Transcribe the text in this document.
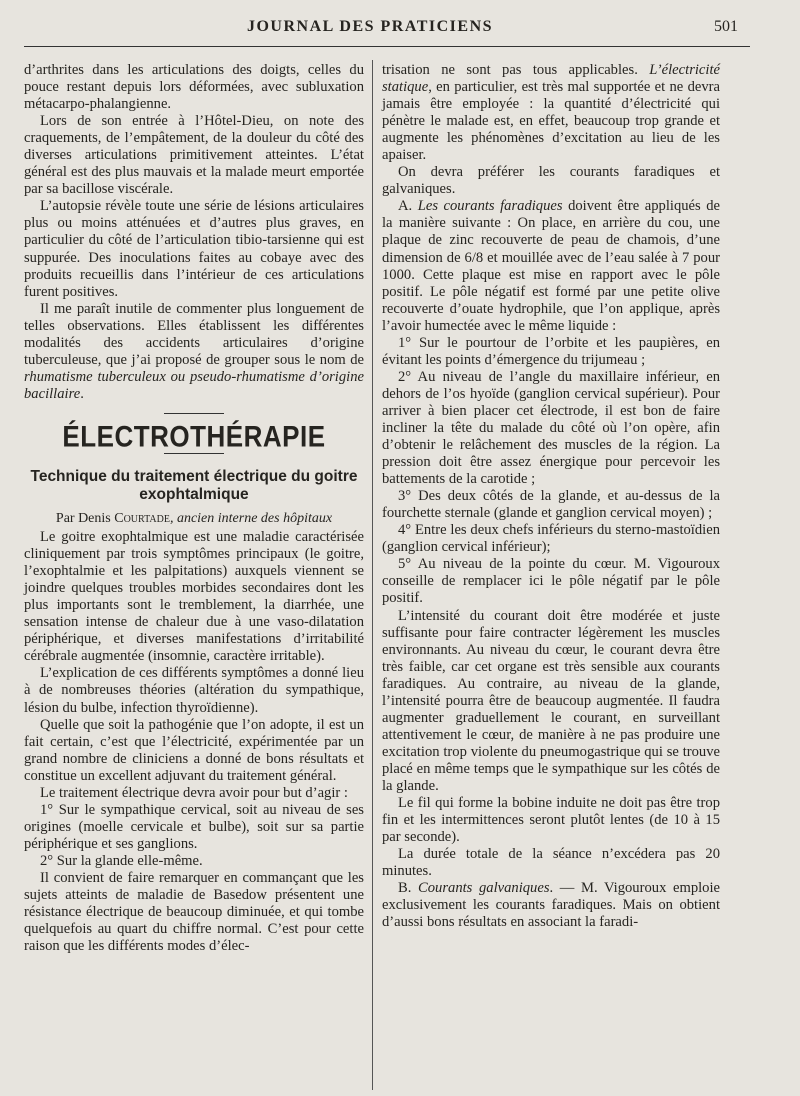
JOURNAL DES PRATICIENS	501

d’arthrites dans les articulations des doigts, celles du pouce restant depuis lors déformées, avec subluxation métacarpo-phalangienne.

Lors de son entrée à l’Hôtel-Dieu, on note des craquements, de l’empâtement, de la douleur du côté des diverses articulations primitivement atteintes. L’état général est des plus mauvais et la malade meurt emportée par sa bacillose viscérale.

L’autopsie révèle toute une série de lésions articulaires plus ou moins atténuées et d’autres plus graves, en particulier du côté de l’articulation tibio-tarsienne qui est suppurée. Des inoculations faites au cobaye avec des produits recueillis dans l’intérieur de ces articulations furent positives.

Il me paraît inutile de commenter plus longuement de telles observations. Elles établissent les différentes modalités des accidents articulaires d’origine tuberculeuse, que j’ai proposé de grouper sous le nom de rhumatisme tuberculeux ou pseudo-rhumatisme d’origine bacillaire.

ÉLECTROTHÉRAPIE
Technique du traitement électrique du goitre exophtalmique
Par Denis Courtade, ancien interne des hôpitaux

Le goitre exophtalmique est une maladie caractérisée cliniquement par trois symptômes principaux (le goitre, l’exophtalmie et les palpitations) auxquels viennent se joindre quelques troubles morbides secondaires dont les plus importants sont le tremblement, la diarrhée, une sensation intense de chaleur due à une vaso-dilatation périphérique, et diverses manifestations d’irritabilité cérébrale augmentée (insomnie, caractère irritable).

L’explication de ces différents symptômes a donné lieu à de nombreuses théories (altération du sympathique, lésion du bulbe, infection thyroïdienne).

Quelle que soit la pathogénie que l’on adopte, il est un fait certain, c’est que l’électricité, expérimentée par un grand nombre de cliniciens a donné de bons résultats et constitue un excellent adjuvant du traitement général.

Le traitement électrique devra avoir pour but d’agir :

1° Sur le sympathique cervical, soit au niveau de ses origines (moelle cervicale et bulbe), soit sur sa partie périphérique et ses ganglions.

2° Sur la glande elle-même.

Il convient de faire remarquer en commançant que les sujets atteints de maladie de Basedow présentent une résistance électrique de beaucoup diminuée, et qui tombe quelquefois au quart du chiffre normal. C’est pour cette raison que les différents modes d’élec-

trisation ne sont pas tous applicables. L’électricité statique, en particulier, est très mal supportée et ne devra jamais être employée : la quantité d’électricité qui pénètre le malade est, en effet, beaucoup trop grande et augmente les phénomènes d’excitation au lieu de les apaiser.

On devra préférer les courants faradiques et galvaniques.

A. Les courants faradiques doivent être appliqués de la manière suivante : On place, en arrière du cou, une plaque de zinc recouverte de peau de chamois, d’une dimension de 6/8 et mouillée avec de l’eau salée à 7 pour 1000. Cette plaque est mise en rapport avec le pôle positif. Le pôle négatif est formé par une petite olive recouverte d’ouate hydrophile, que l’on applique, après l’avoir humectée avec le même liquide :

1° Sur le pourtour de l’orbite et les paupières, en évitant les points d’émergence du trijumeau ;

2° Au niveau de l’angle du maxillaire inférieur, en dehors de l’os hyoïde (ganglion cervical supérieur). Pour arriver à bien placer cet électrode, il est bon de faire incliner la tête du malade du côté où l’on opère, afin d’obtenir le relâchement des muscles de la région. La pression doit être assez énergique pour percevoir les battements de la carotide ;

3° Des deux côtés de la glande, et au-dessus de la fourchette sternale (glande et ganglion cervical moyen) ;

4° Entre les deux chefs inférieurs du sterno-mastoïdien (ganglion cervical inférieur);

5° Au niveau de la pointe du cœur. M. Vigouroux conseille de remplacer ici le pôle négatif par le pôle positif.

L’intensité du courant doit être modérée et juste suffisante pour faire contracter légèrement les muscles environnants. Au niveau du cœur, le courant devra être très faible, car cet organe est très sensible aux courants faradiques. Au contraire, au niveau de la glande, l’intensité pourra être de beaucoup augmentée. Il faudra augmenter graduellement le courant, en surveillant attentivement le cœur, de manière à ne pas produire une excitation trop violente du pneumogastrique qui se trouve placé en même temps que le sympathique sur les côtés de la glande.

Le fil qui forme la bobine induite ne doit pas être trop fin et les intermittences seront plutôt lentes (de 10 à 15 par seconde).

La durée totale de la séance n’excédera pas 20 minutes.

B. Courants galvaniques. — M. Vigouroux emploie exclusivement les courants faradiques. Mais on obtient d’aussi bons résultats en associant la faradi-
